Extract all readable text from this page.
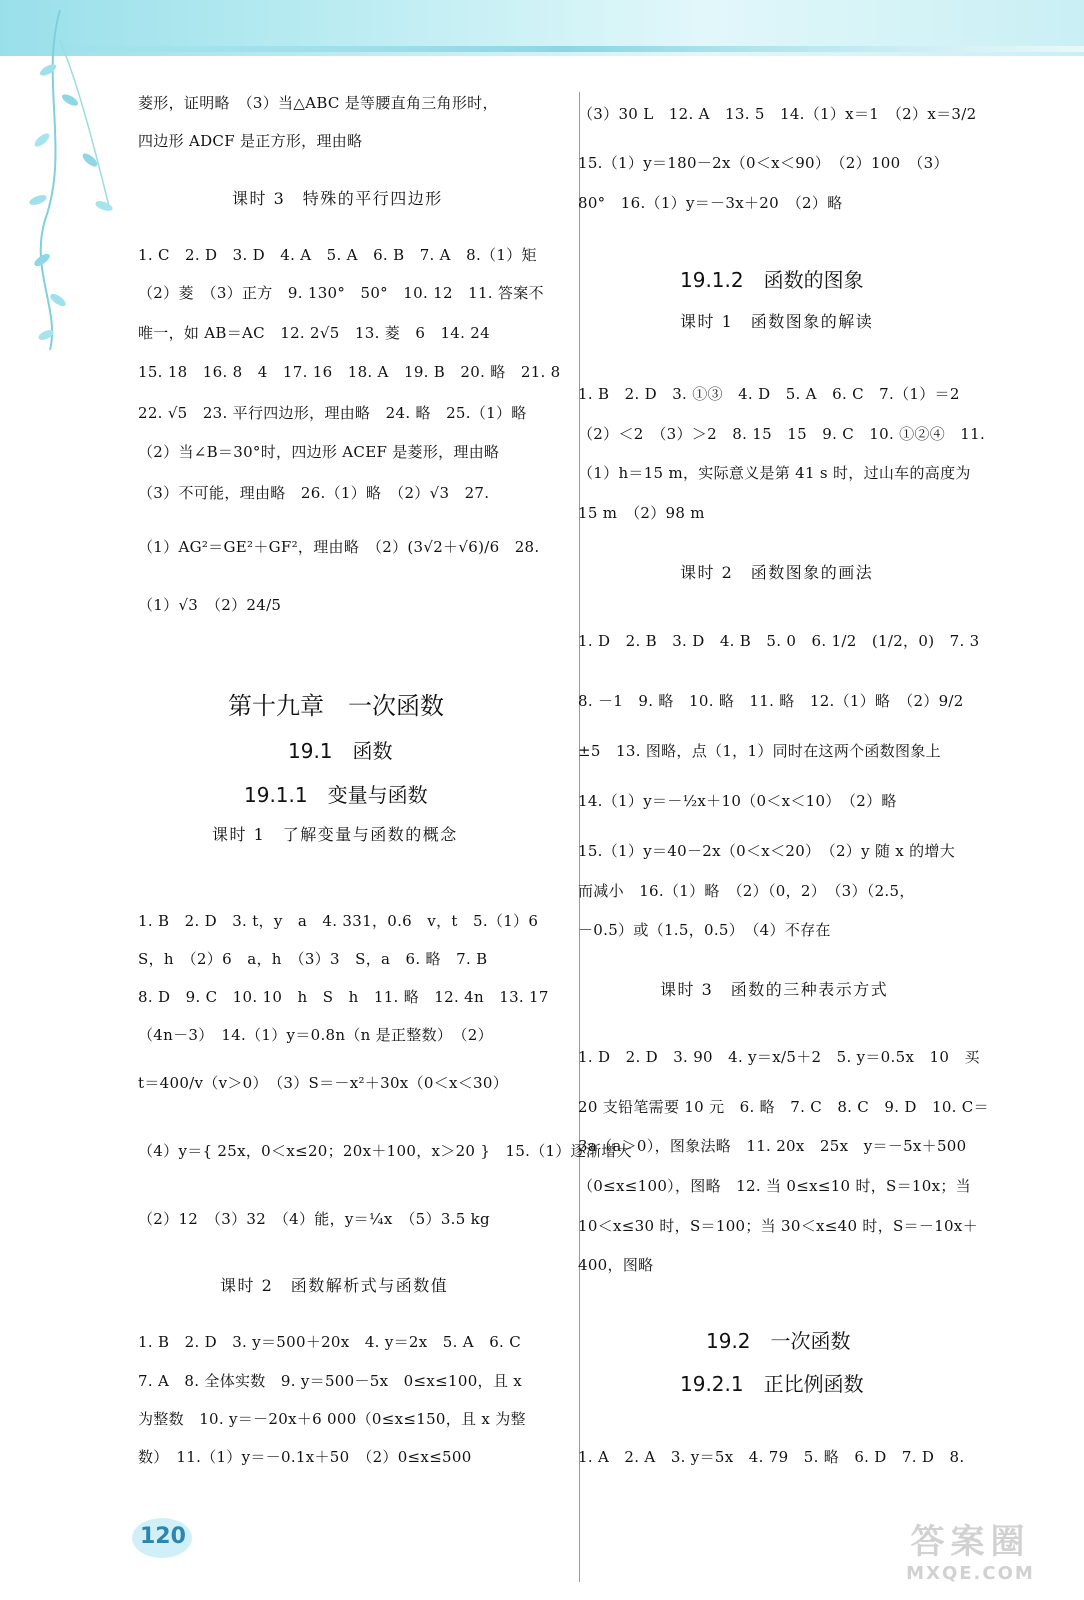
菱形，证明略　（3）当△ABC 是等腰直角三角形时，
四边形 ADCF 是正方形，理由略
课时 3　特殊的平行四边形
1. C　2. D　3. D　4. A　5. A　6. B　7. A　8.（1）矩
（2）菱　（3）正方　9. 130°　50°　10. 12　11. 答案不
唯一，如 AB＝AC　12. 2√5　13. 菱　6　14. 24
15. 18　16. 8　4　17. 16　18. A　19. B　20. 略　21. 8
22. √5　23. 平行四边形，理由略　24. 略　25.（1）略
（2）当∠B＝30°时，四边形 ACEF 是菱形，理由略
（3）不可能，理由略　26.（1）略　（2）√3　27.
（1）AG²＝GE²＋GF²，理由略　（2）(3√2＋√6)/6　28.
（1）√3　（2）24/5
第十九章　一次函数
19.1　函数
19.1.1　变量与函数
课时 1　了解变量与函数的概念
1. B　2. D　3. t，y　a　4. 331，0.6　v，t　5.（1）6
S，h　（2）6　a，h　（3）3　S，a　6. 略　7. B
8. D　9. C　10. 10　h　S　h　11. 略　12. 4n　13. 17
（4n－3）　14.（1）y＝0.8n（n 是正整数）　（2）
t＝400/v（v＞0）　（3）S＝－x²＋30x（0＜x＜30）
（4）y＝{ 25x，0＜x≤20；20x＋100，x＞20 }　15.（1）逐渐增大
（2）12　（3）32　（4）能，y＝¼x　（5）3.5 kg
课时 2　函数解析式与函数值
1. B　2. D　3. y＝500＋20x　4. y＝2x　5. A　6. C
7. A　8. 全体实数　9. y＝500－5x　0≤x≤100，且 x
为整数　10. y＝－20x＋6 000（0≤x≤150，且 x 为整
数）　11.（1）y＝－0.1x＋50　（2）0≤x≤500
120
（3）30 L　12. A　13. 5　14.（1）x＝1　（2）x＝3/2
15.（1）y＝180－2x（0＜x＜90）　（2）100　（3）
80°　16.（1）y＝－3x＋20　（2）略
19.1.2　函数的图象
课时 1　函数图象的解读
1. B　2. D　3. ①③　4. D　5. A　6. C　7.（1）＝2
（2）＜2　（3）＞2　8. 15　15　9. C　10. ①②④　11.
（1）h＝15 m，实际意义是第 41 s 时，过山车的高度为
15 m　（2）98 m
课时 2　函数图象的画法
1. D　2. B　3. D　4. B　5. 0　6. 1/2　(1/2，0)　7. 3
8. －1　9. 略　10. 略　11. 略　12.（1）略　（2）9/2
±5　13. 图略，点（1，1）同时在这两个函数图象上
14.（1）y＝－½x＋10（0＜x＜10）　（2）略
15.（1）y＝40－2x（0＜x＜20）　（2）y 随 x 的增大
而减小　16.（1）略　（2）（0，2）　（3）（2.5，
－0.5）或（1.5，0.5）　（4）不存在
课时 3　函数的三种表示方式
1. D　2. D　3. 90　4. y＝x/5＋2　5. y＝0.5x　10　买
20 支铅笔需要 10 元　6. 略　7. C　8. C　9. D　10. C＝
3a（a＞0），图象法略　11. 20x　25x　y＝－5x＋500
（0≤x≤100），图略　12. 当 0≤x≤10 时，S＝10x；当
10＜x≤30 时，S＝100；当 30＜x≤40 时，S＝－10x＋
400，图略
19.2　一次函数
19.2.1　正比例函数
1. A　2. A　3. y＝5x　4. 79　5. 略　6. D　7. D　8.
答案圈
MXQE.COM
